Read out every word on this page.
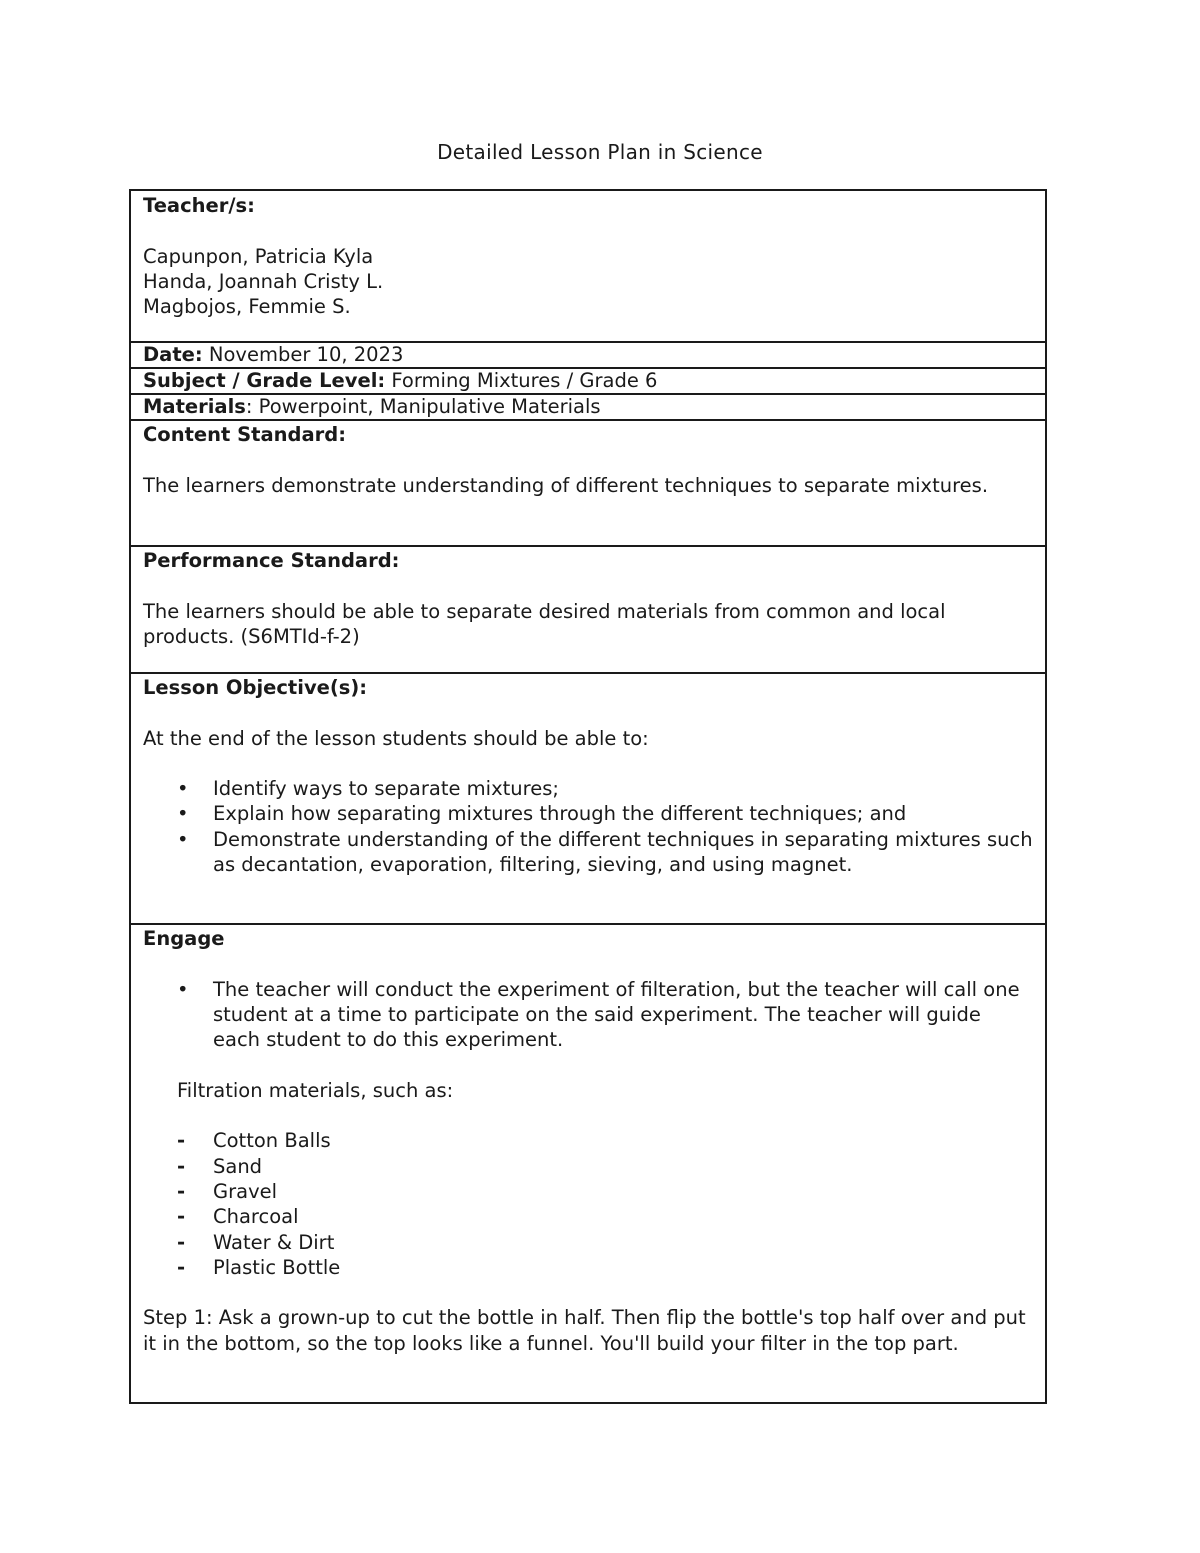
Detailed Lesson Plan in Science

Teacher/s:

Capunpon, Patricia Kyla

Handa, Joannah Cristy L.

Magbojos, Femmie S.

Date: November 10, 2023
Subject / Grade Level: Forming Mixtures / Grade 6
Materials: Powerpoint, Manipulative Materials

Content Standard:

The learners demonstrate understanding of different techniques to separate mixtures.

Performance Standard:

The learners should be able to separate desired materials from common and local products. (S6MTId-f-2)

Lesson Objective(s):

At the end of the lesson students should be able to:

• Identify ways to separate mixtures;
• Explain how separating mixtures through the different techniques; and
• Demonstrate understanding of the different techniques in separating mixtures such as decantation, evaporation, filtering, sieving, and using magnet.

Engage

• The teacher will conduct the experiment of filteration, but the teacher will call one student at a time to participate on the said experiment. The teacher will guide each student to do this experiment.

Filtration materials, such as:

- Cotton Balls
- Sand
- Gravel
- Charcoal
- Water & Dirt
- Plastic Bottle

Step 1: Ask a grown-up to cut the bottle in half. Then flip the bottle's top half over and put it in the bottom, so the top looks like a funnel. You'll build your filter in the top part.
